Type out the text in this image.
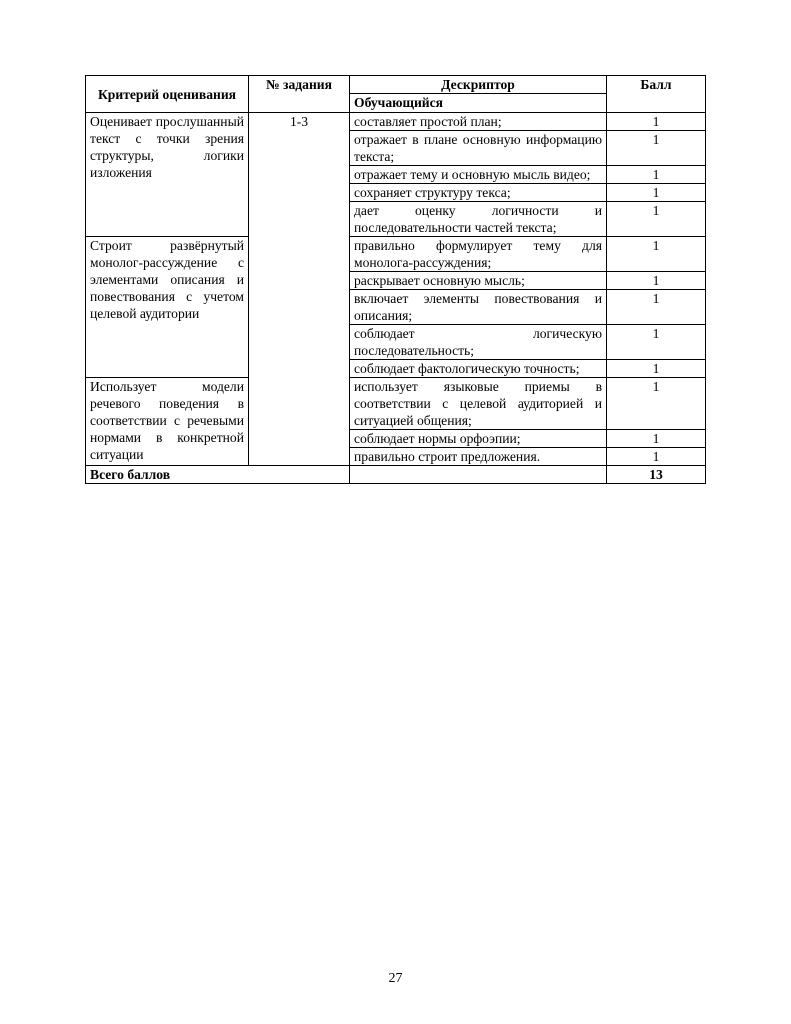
Критерий оценивания	№ задания	Дескриптор	Балл
		Обучающийся	
Оценивает прослушанный текст с точки зрения структуры, логики изложения	1-3	составляет простой план;	1
		отражает в плане основную информацию текста;	1
		отражает тему и основную мысль видео;	1
		сохраняет структуру текса;	1
		дает оценку логичности и последовательности частей текста;	1
Строит развёрнутый монолог-рассуждение с элементами описания и повествования с учетом целевой аудитории		правильно формулирует тему для монолога-рассуждения;	1
		раскрывает основную мысль;	1
		включает элементы повествования и описания;	1
		соблюдает логическую последовательность;	1
		соблюдает фактологическую точность;	1
Использует модели речевого поведения в соответствии с речевыми нормами в конкретной ситуации		использует языковые приемы в соответствии с целевой аудиторией и ситуацией общения;	1
		соблюдает нормы орфоэпии;	1
		правильно строит предложения.	1
Всего баллов			13
27
